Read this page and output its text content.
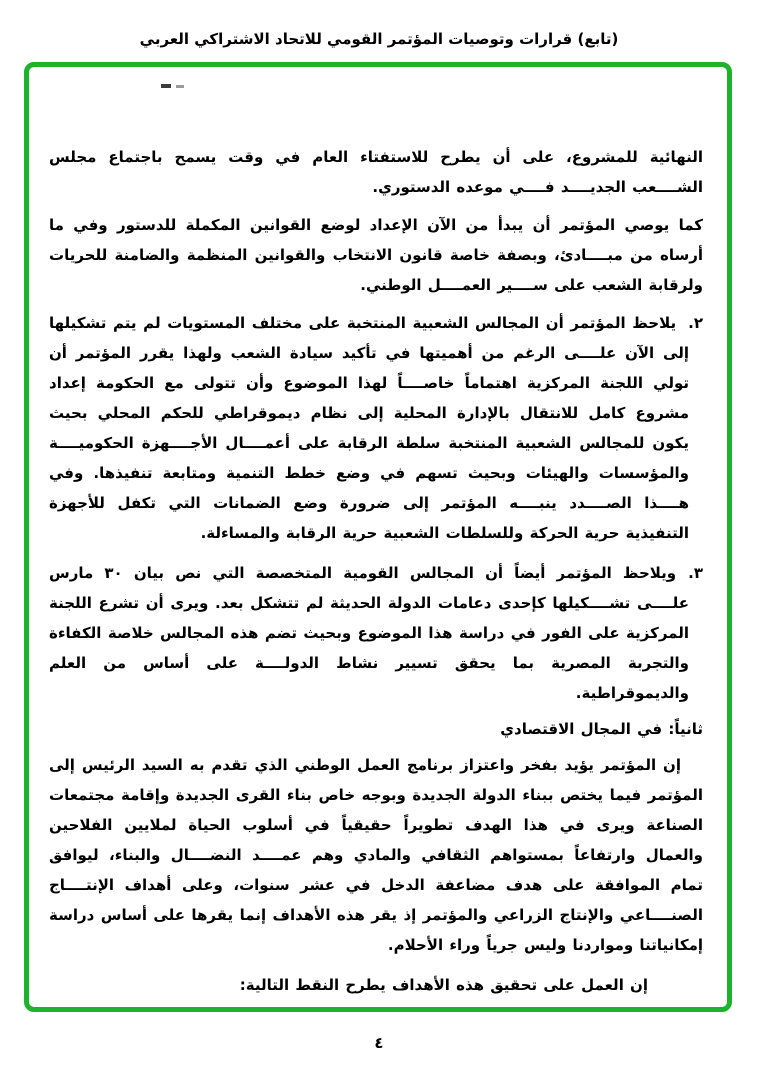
(تابع) قرارات وتوصيات المؤتمر القومي للاتحاد الاشتراكي العربي

النهائية للمشروع، على أن يطرح للاستفتاء العام في وقت يسمح باجتماع مجلس الشــــعب الجديــــد فــــي موعده الدستوري.

كما يوصي المؤتمر أن يبدأ من الآن الإعداد لوضع القوانين المكملة للدستور وفي ما أرساه من مبــــادئ، وبصفة خاصة قانون الانتخاب والقوانين المنظمة والضامنة للحريات ولرقابة الشعب على ســــير العمــــل الوطني.

٢.يلاحظ المؤتمر أن المجالس الشعبية المنتخبة على مختلف المستويات لم يتم تشكيلها إلى الآن علــــى الرغم من أهميتها في تأكيد سيادة الشعب ولهذا يقرر المؤتمر أن تولي اللجنة المركزية اهتماماً خاصــــاً لهذا الموضوع وأن تتولى مع الحكومة إعداد مشروع كامل للانتقال بالإدارة المحلية إلى نظام ديموقراطي للحكم المحلي بحيث يكون للمجالس الشعبية المنتخبة سلطة الرقابة على أعمــــال الأجــــهزة الحكوميــــة والمؤسسات والهيئات وبحيث تسهم في وضع خطط التنمية ومتابعة تنفيذها. وفي هــــذا الصــــدد ينبــــه المؤتمر إلى ضرورة وضع الضمانات التي تكفل للأجهزة التنفيذية حرية الحركة وللسلطات الشعبية حرية الرقابة والمساءلة.

٣.ويلاحظ المؤتمر أيضاً أن المجالس القومية المتخصصة التي نص بيان ٣٠ مارس علــــى تشــــكيلها كإحدى دعامات الدولة الحديثة لم تتشكل بعد. ويرى أن تشرع اللجنة المركزية على الفور في دراسة هذا الموضوع وبحيث تضم هذه المجالس خلاصة الكفاءة والتجربة المصرية بما يحقق تسيير نشاط الدولــــة على أساس من العلم والديموقراطية.

ثانياً: في المجال الاقتصادي

إن المؤتمر يؤيد بفخر واعتزاز برنامج العمل الوطني الذي تقدم به السيد الرئيس إلى المؤتمر فيما يختص ببناء الدولة الجديدة وبوجه خاص بناء القرى الجديدة وإقامة مجتمعات الصناعة ويرى في هذا الهدف تطويراً حقيقياً في أسلوب الحياة لملايين الفلاحين والعمال وارتفاعاً بمستواهم الثقافي والمادي وهم عمــــد النضــــال والبناء، ليوافق تمام الموافقة على هدف مضاعفة الدخل في عشر سنوات، وعلى أهداف الإنتــــاج الصنــــاعي والإنتاج الزراعي والمؤتمر إذ يقر هذه الأهداف إنما يقرها على أساس دراسة إمكانياتنا ومواردنا وليس جرياً وراء الأحلام.

إن العمل على تحقيق هذه الأهداف يطرح النقط التالية:

٤
